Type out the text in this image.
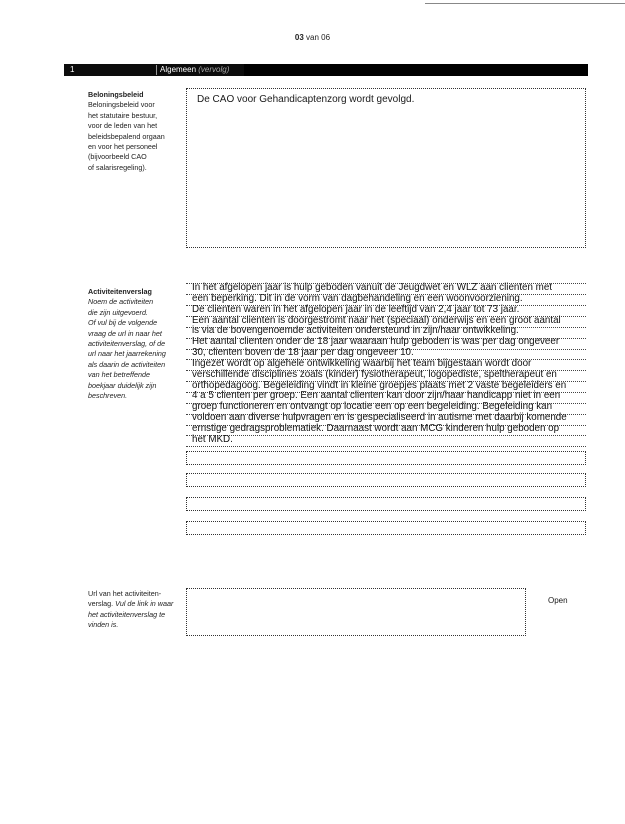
03 van 06
1	Algemeen (vervolg)
Beloningsbeleid
Beloningsbeleid voor
het statutaire bestuur,
voor de leden van het
beleidsbepalend orgaan
en voor het personeel
(bijvoorbeeld CAO
of salarisregeling).
De CAO voor Gehandicaptenzorg wordt gevolgd.
Activiteitenverslag
Noem de activiteiten
die zijn uitgevoerd.
Of vul bij de volgende
vraag de url in naar het
activiteitenverslag, of de
url naar het jaarrekening
als daarin de activiteiten
van het betreffende
boekjaar duidelijk zijn
beschreven.

In het afgelopen jaar is hulp geboden vanuit de Jeugdwet en WLZ aan clienten met

een beperking. Dit in de vorm van dagbehandeling en een woonvoorziening.

De clienten waren in het afgelopen jaar in de leeftijd van 2,4 jaar tot 73 jaar.

Een aantal clienten is doorgestromt naar het (speciaal) onderwijs en een groot aantal

is via de bovengenoemde activiteiten ondersteund in zijn/haar ontwikkeling.

Het aantal clienten onder de 18 jaar waaraan hulp geboden is was per dag ongeveer

30, clienten boven de 18 jaar per dag ongeveer 10.

Ingezet wordt op algehele ontwikkeling waarbij het team bijgestaan wordt door

verschillende disciplines zoals (kinder) fysiotherapeut, logopediste, speltherapeut en

orthopedagoog. Begeleiding vindt in kleine groepjes plaats met 2 vaste begeleiders en

4 a 5 clienten per groep. Een aantal clienten kan door zijn/haar handicapp niet in een

groep functioneren en ontvangt op locatie een op een begeleiding. Begeleiding kan

voldoen aan diverse hulpvragen en is gespecialiseerd in autisme met daarbij komende

ernstige gedragsproblematiek. Daarnaast wordt aan MCG kinderen hulp geboden op

het MKD.

Url van het activiteiten-
verslag. Vul de link in waar
het activiteitenverslag te
vinden is.
Open
